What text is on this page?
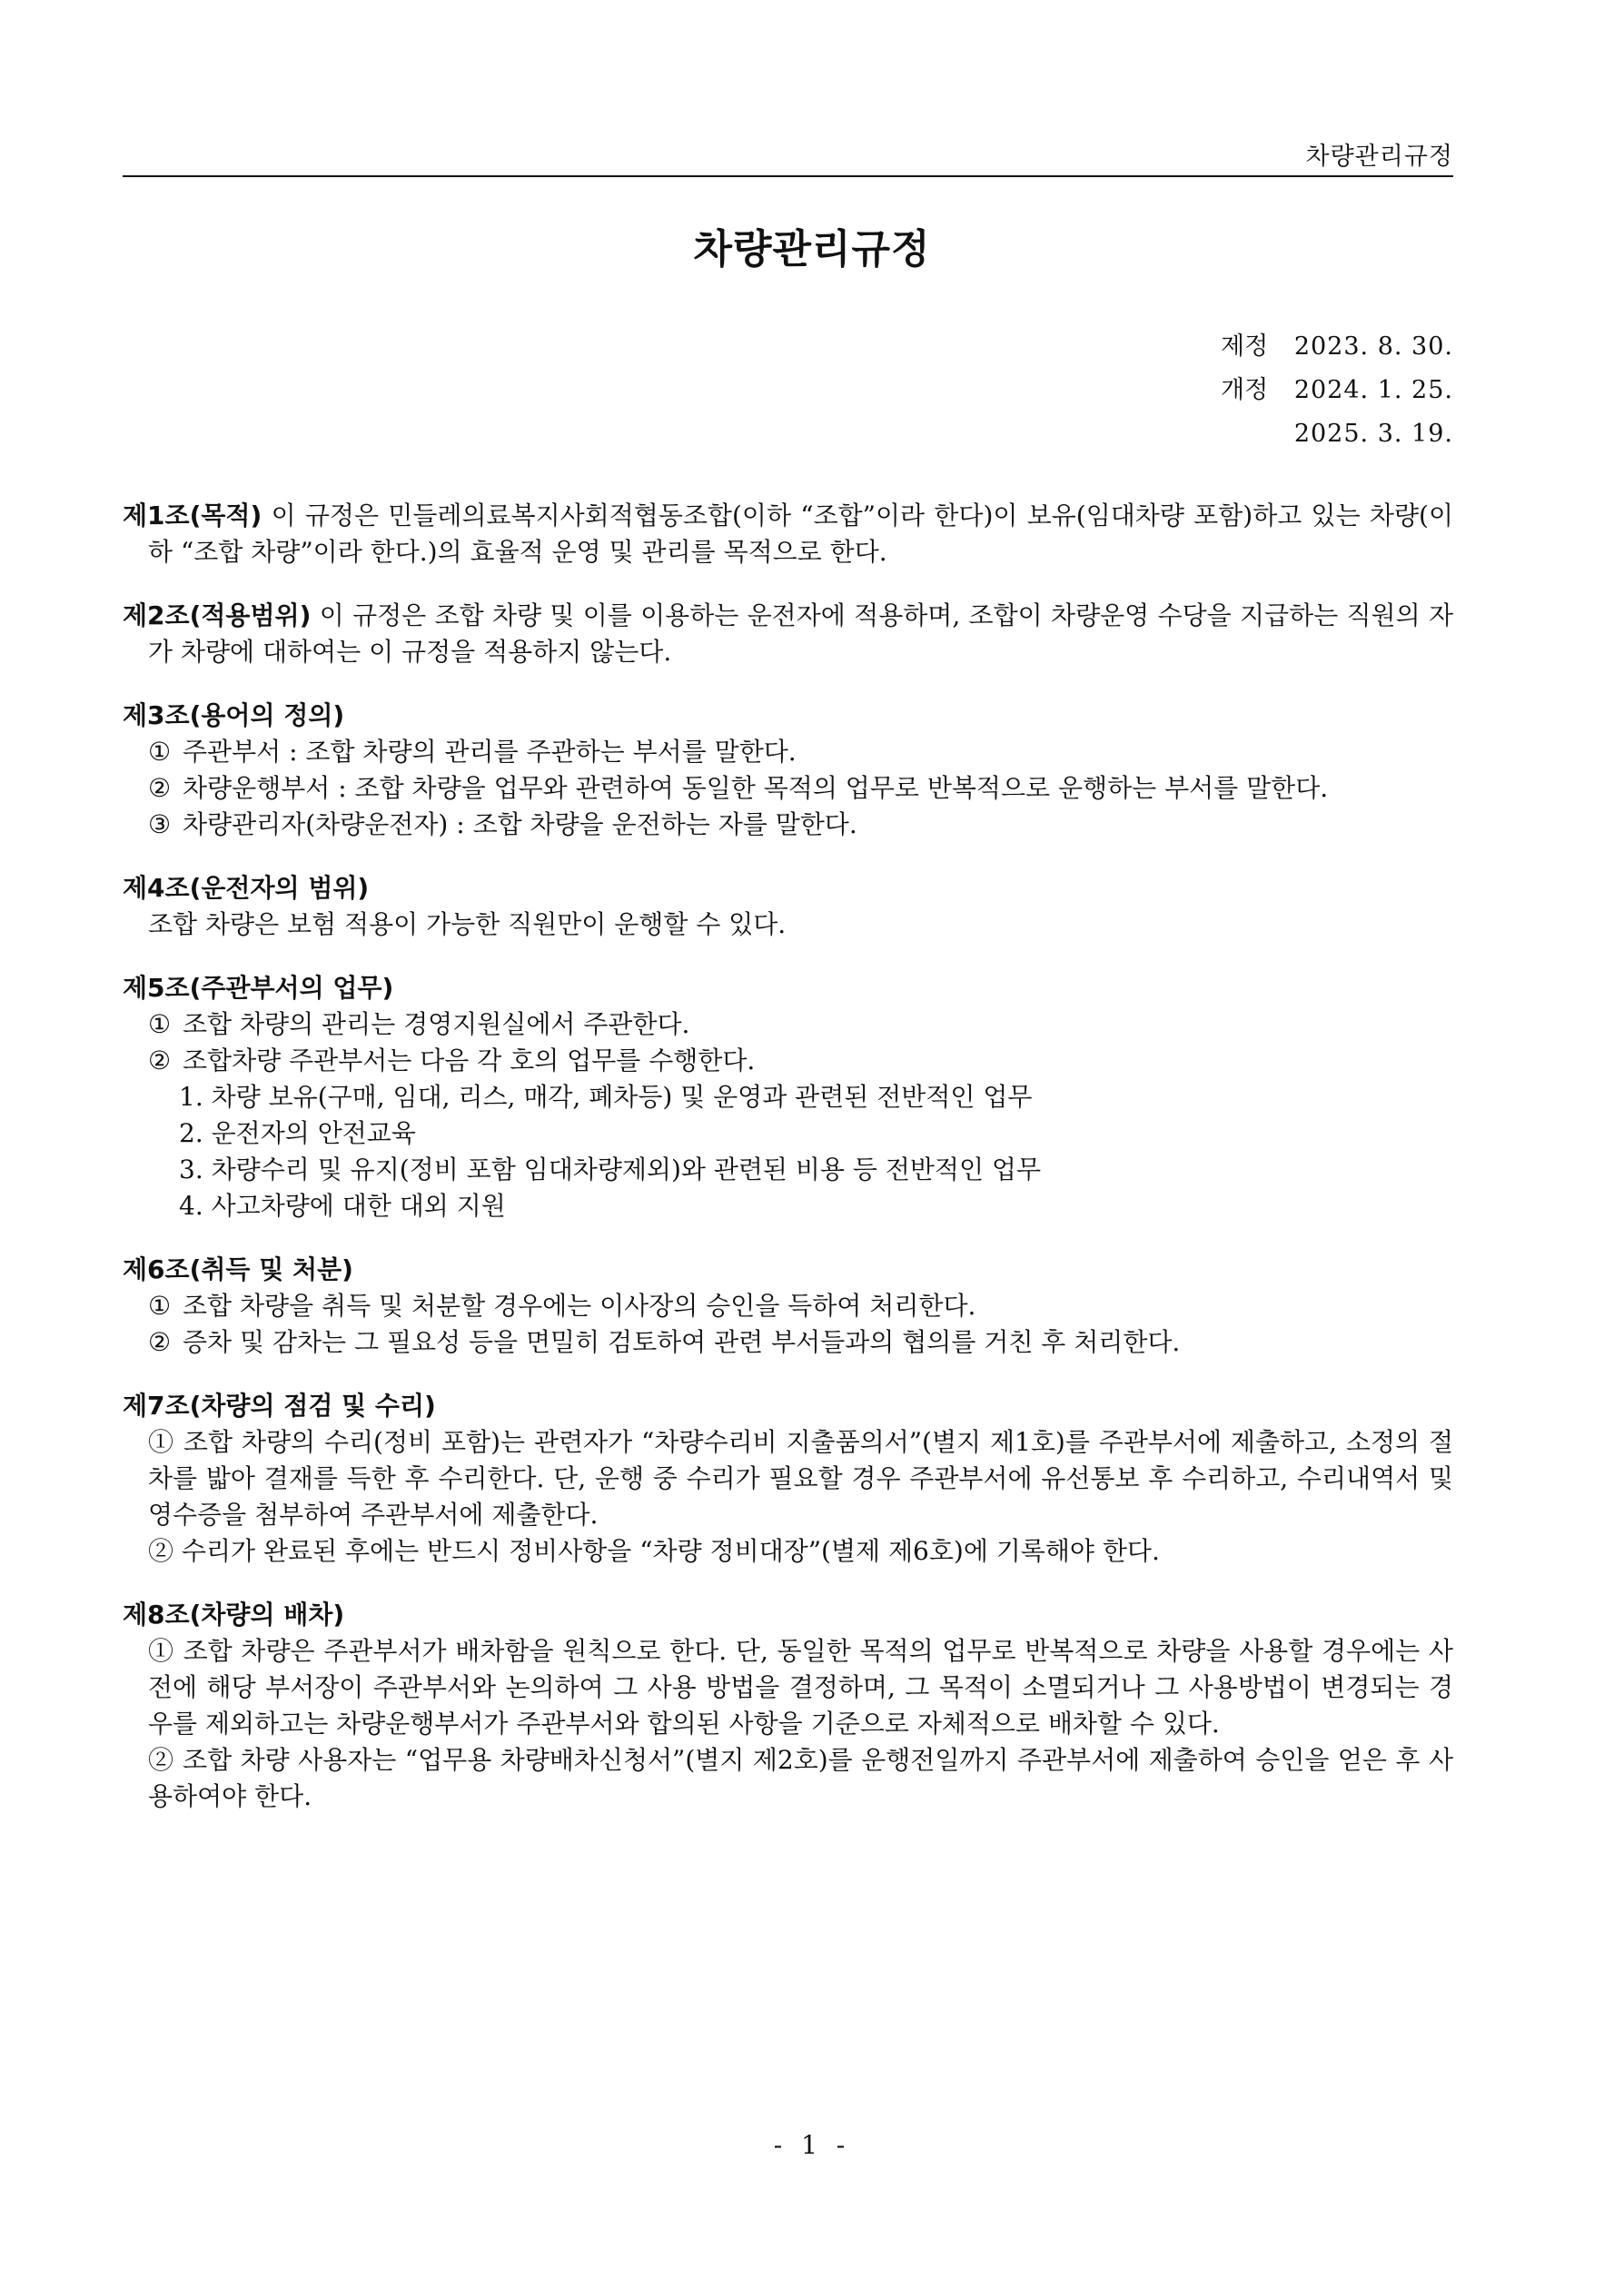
차량관리규정
차량관리규정
제정	2023. 8. 30.
개정	2024. 1. 25.
2025. 3. 19.
제1조(목적) 이 규정은 민들레의료복지사회적협동조합(이하 “조합”이라 한다)이 보유(임대차량 포함)하고 있는 차량(이하 “조합 차량”이라 한다.)의 효율적 운영 및 관리를 목적으로 한다.
제2조(적용범위) 이 규정은 조합 차량 및 이를 이용하는 운전자에 적용하며, 조합이 차량운영 수당을 지급하는 직원의 자가 차량에 대하여는 이 규정을 적용하지 않는다.
제3조(용어의 정의)
① 주관부서 : 조합 차량의 관리를 주관하는 부서를 말한다.
② 차량운행부서 : 조합 차량을 업무와 관련하여 동일한 목적의 업무로 반복적으로 운행하는 부서를 말한다.
③ 차량관리자(차량운전자) : 조합 차량을 운전하는 자를 말한다.
제4조(운전자의 범위)
조합 차량은 보험 적용이 가능한 직원만이 운행할 수 있다.
제5조(주관부서의 업무)
① 조합 차량의 관리는 경영지원실에서 주관한다.
② 조합차량 주관부서는 다음 각 호의 업무를 수행한다.
1. 차량 보유(구매, 임대, 리스, 매각, 폐차등) 및 운영과 관련된 전반적인 업무
2. 운전자의 안전교육
3. 차량수리 및 유지(정비 포함 임대차량제외)와 관련된 비용 등 전반적인 업무
4. 사고차량에 대한 대외 지원
제6조(취득 및 처분)
① 조합 차량을 취득 및 처분할 경우에는 이사장의 승인을 득하여 처리한다.
② 증차 및 감차는 그 필요성 등을 면밀히 검토하여 관련 부서들과의 협의를 거친 후 처리한다.
제7조(차량의 점검 및 수리)
① 조합 차량의 수리(정비 포함)는 관련자가 “차량수리비 지출품의서”(별지 제1호)를 주관부서에 제출하고, 소정의 절차를 밟아 결재를 득한 후 수리한다. 단, 운행 중 수리가 필요할 경우 주관부서에 유선통보 후 수리하고, 수리내역서 및 영수증을 첨부하여 주관부서에 제출한다.
② 수리가 완료된 후에는 반드시 정비사항을 “차량 정비대장”(별제 제6호)에 기록해야 한다.
제8조(차량의 배차)
① 조합 차량은 주관부서가 배차함을 원칙으로 한다. 단, 동일한 목적의 업무로 반복적으로 차량을 사용할 경우에는 사전에 해당 부서장이 주관부서와 논의하여 그 사용 방법을 결정하며, 그 목적이 소멸되거나 그 사용방법이 변경되는 경우를 제외하고는 차량운행부서가 주관부서와 합의된 사항을 기준으로 자체적으로 배차할 수 있다.
② 조합 차량 사용자는 “업무용 차량배차신청서”(별지 제2호)를 운행전일까지 주관부서에 제출하여 승인을 얻은 후 사용하여야 한다.
- 1 -
